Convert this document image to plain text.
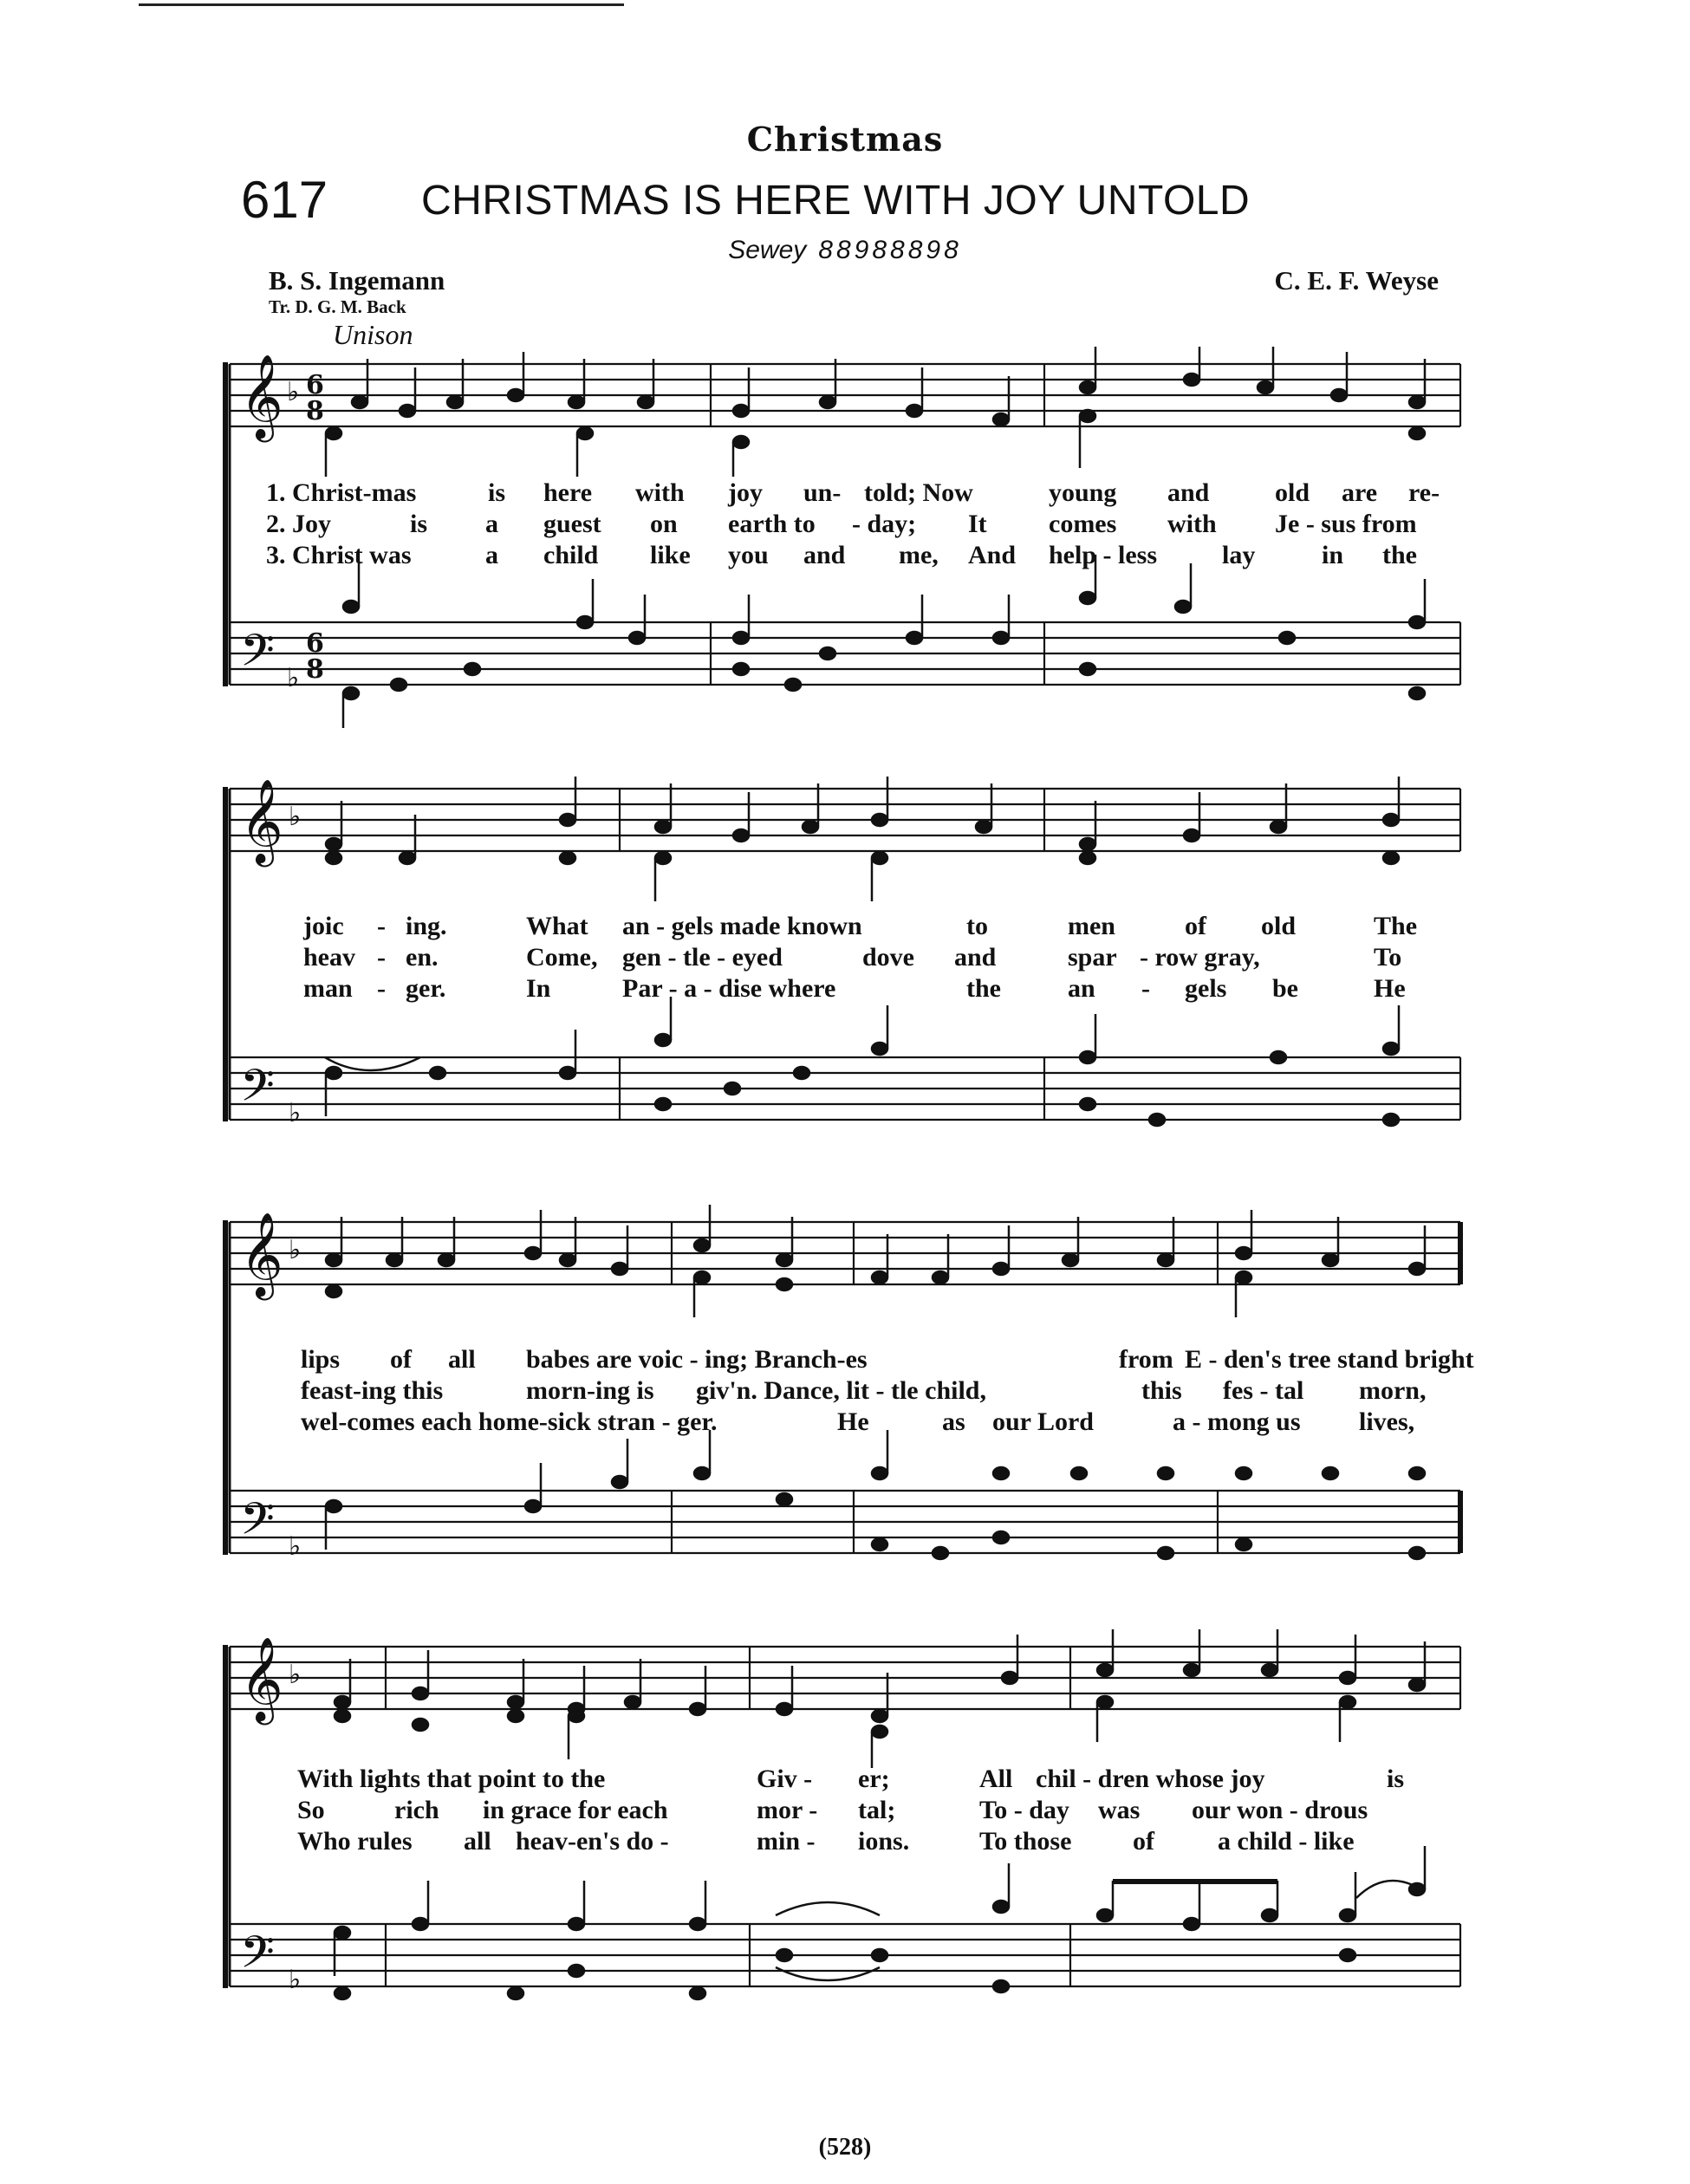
Christmas
617 CHRISTMAS IS HERE WITH JOY UNTOLD
Sewey 88988898
B. S. Ingemann
Tr. D. G. M. Back
C. E. F. Weyse
Unison
𝄞
𝄢
♭
♭
6
8
6
8
1. Christ-mas	is here with joy un- told; Now	young and	old are re-
2. Joy	is a guest on earth to - day; It comes with Je - sus from
3. Christ was	a child like you and me, And help - less lay	in the
𝄞
𝄢
♭
♭
joic - ing.	What an - gels made known	to	men	of old	The
heav - en.	Come, gen - tle - eyed	dove and	spar - row gray,	To
man - ger.	In	Par - a - dise where	the	an - gels be	He
𝄞
𝄢
♭
♭
lips of all babes are voic - ing; Branch-es	from E - den's tree stand bright
feast-ing this	morn-ing is giv'n. Dance, lit - tle child,	this fes - tal morn,
wel-comes each home-sick stran - ger.	He	as our Lord	a - mong us lives,
𝄞
𝄢
♭
♭
With lights that point to the	Giv - er;	All chil - dren whose joy	is
So	rich in grace for each	mor - tal;	To - day was our won - drous
Who rules all heav-en's do -	min - ions.	To those of a child - like
(528)
